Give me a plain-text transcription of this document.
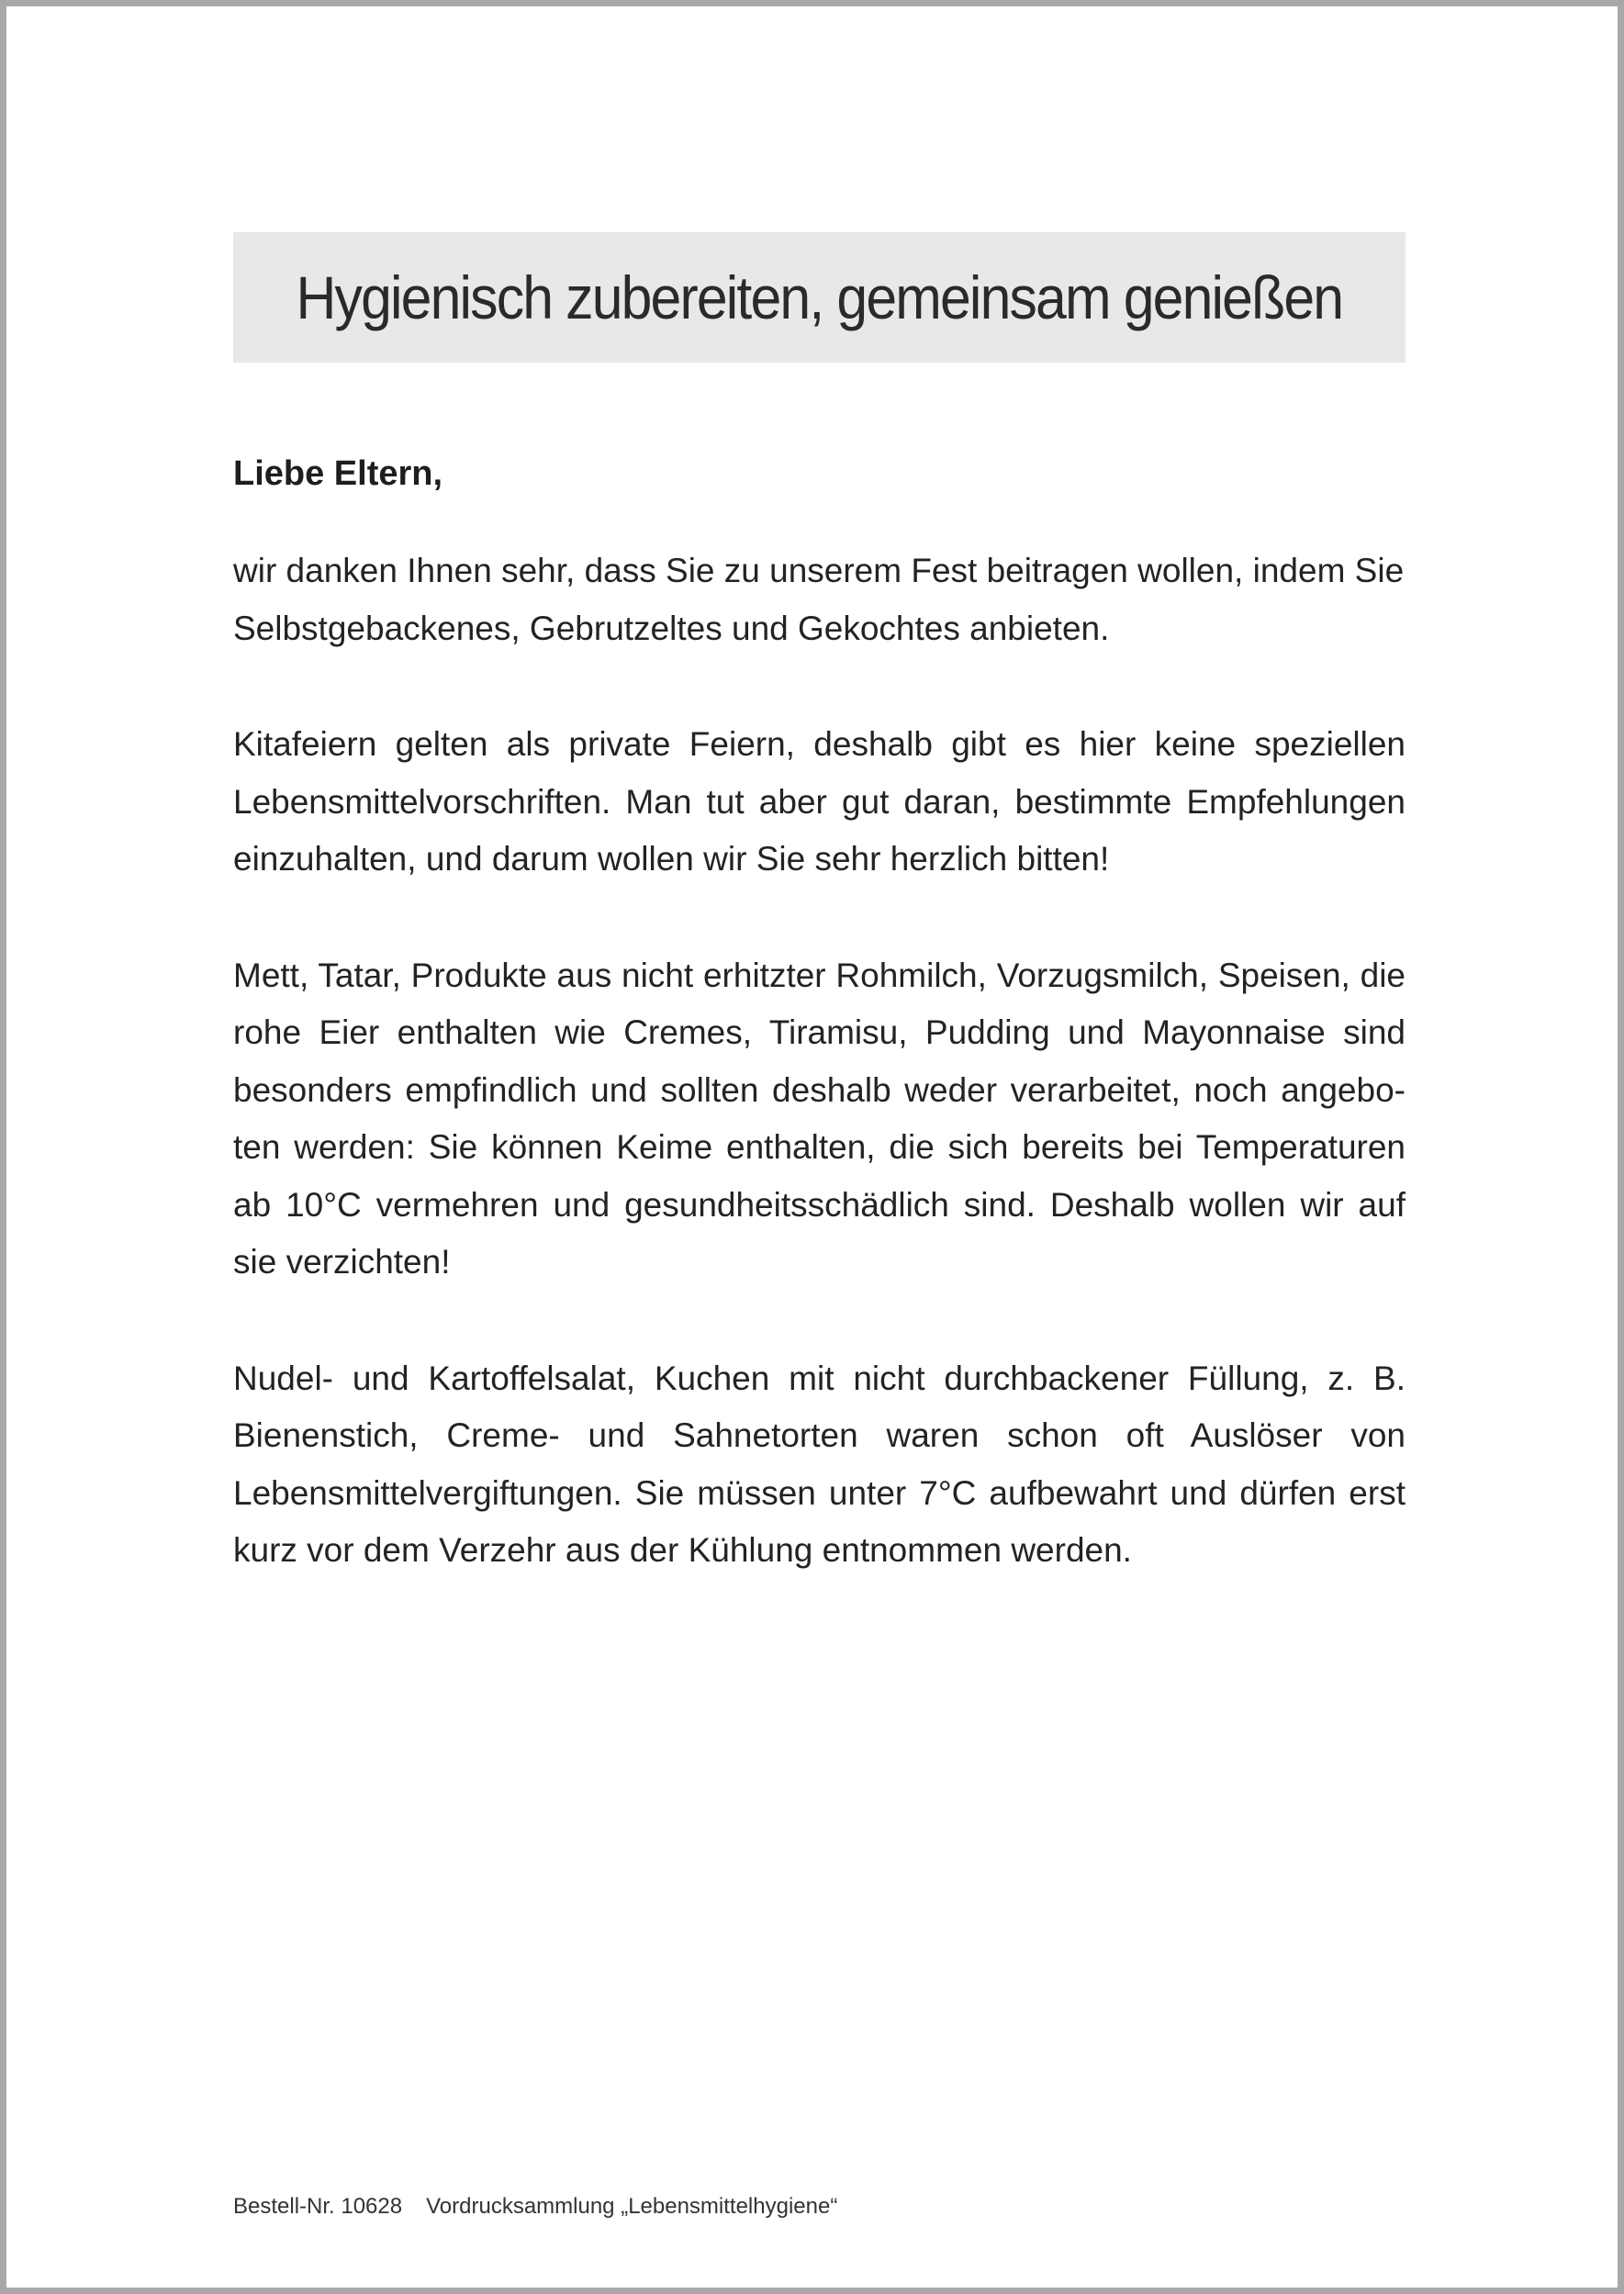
Hygienisch zubereiten, gemeinsam genießen

Liebe Eltern,

wir danken Ihnen sehr, dass Sie zu unserem Fest beitragen wollen, indem Sie Selbstgebackenes, Gebrutzeltes und Gekochtes anbieten.

Kitafeiern gelten als private Feiern, deshalb gibt es hier keine speziellen Lebensmittelvorschriften. Man tut aber gut daran, bestimmte Empfehlungen einzuhalten, und darum wollen wir Sie sehr herzlich bitten!

Mett, Tatar, Produkte aus nicht erhitzter Rohmilch, Vorzugsmilch, Speisen, die rohe Eier enthalten wie Cremes, Tiramisu, Pudding und Mayonnaise sind besonders empfindlich und sollten deshalb weder verarbeitet, noch angeboten werden: Sie können Keime enthalten, die sich bereits bei Temperaturen ab 10°C vermehren und gesundheitsschädlich sind. Deshalb wollen wir auf sie verzichten!

Nudel- und Kartoffelsalat, Kuchen mit nicht durchbackener Füllung, z. B. Bienenstich, Creme- und Sahnetorten waren schon oft Auslöser von Lebensmittelvergiftungen. Sie müssen unter 7°C aufbewahrt und dürfen erst kurz vor dem Verzehr aus der Kühlung entnommen werden.

Bestell-Nr. 10628 Vordrucksammlung „Lebensmittelhygiene“
